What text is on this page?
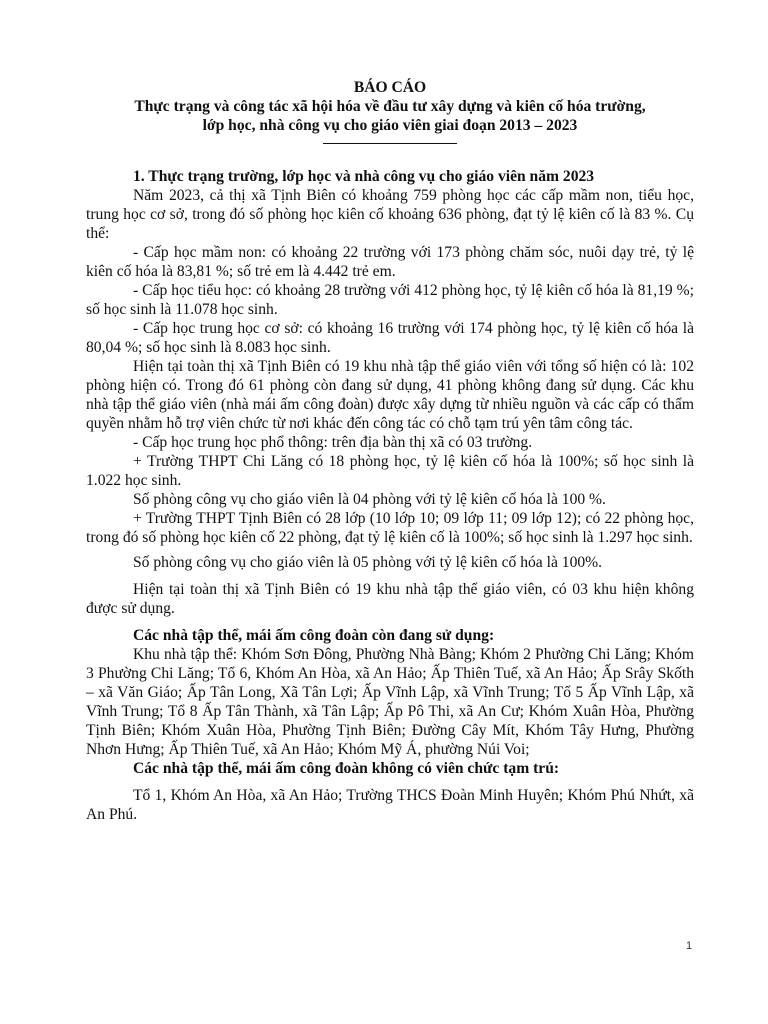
BÁO CÁO
Thực trạng và công tác xã hội hóa về đầu tư xây dựng và kiên cố hóa trường,
lớp học, nhà công vụ cho giáo viên giai đoạn 2013 – 2023
1. Thực trạng trường, lớp học và nhà công vụ cho giáo viên năm 2023

Năm 2023, cả thị xã Tịnh Biên có khoảng 759 phòng học các cấp mầm non, tiểu học, trung học cơ sở, trong đó số phòng học kiên cố khoảng 636 phòng, đạt tỷ lệ kiên cố là 83 %. Cụ thể:

- Cấp học mầm non: có khoảng 22 trường với 173 phòng chăm sóc, nuôi dạy trẻ, tỷ lệ kiên cố hóa là 83,81 %; số trẻ em là 4.442 trẻ em.

- Cấp học tiểu học: có khoảng 28 trường với 412 phòng học, tỷ lệ kiên cố hóa là 81,19 %; số học sinh là 11.078 học sinh.

- Cấp học trung học cơ sở: có khoảng 16 trường với 174 phòng học, tỷ lệ kiên cố hóa là 80,04 %; số học sinh là 8.083 học sinh.

Hiện tại toàn thị xã Tịnh Biên có 19 khu nhà tập thể giáo viên với tổng số hiện có là: 102 phòng hiện có. Trong đó 61 phòng còn đang sử dụng, 41 phòng không đang sử dụng. Các khu nhà tập thể giáo viên (nhà mái ấm công đoàn) được xây dựng từ nhiều nguồn và các cấp có thẩm quyền nhằm hỗ trợ viên chức từ nơi khác đến công tác có chỗ tạm trú yên tâm công tác.

- Cấp học trung học phổ thông: trên địa bàn thị xã có 03 trường.

+ Trường THPT Chi Lăng có 18 phòng học, tỷ lệ kiên cố hóa là 100%; số học sinh là 1.022 học sinh.

Số phòng công vụ cho giáo viên là 04 phòng với tỷ lệ kiên cố hóa là 100 %.

+ Trường THPT Tịnh Biên có 28 lớp (10 lớp 10; 09 lớp 11; 09 lớp 12); có 22 phòng học, trong đó số phòng học kiên cố 22 phòng, đạt tỷ lệ kiên cố là 100%; số học sinh là 1.297 học sinh.

Số phòng công vụ cho giáo viên là 05 phòng với tỷ lệ kiên cố hóa là 100%.

Hiện tại toàn thị xã Tịnh Biên có 19 khu nhà tập thể giáo viên, có 03 khu hiện không được sử dụng.

Các nhà tập thể, mái ấm công đoàn còn đang sử dụng:

Khu nhà tập thể: Khóm Sơn Đông, Phường Nhà Bàng; Khóm 2 Phường Chi Lăng; Khóm 3 Phường Chi Lăng; Tổ 6, Khóm An Hòa, xã An Hảo; Ấp Thiên Tuế, xã An Hảo; Ấp Srây Skốth – xã Văn Giáo; Ấp Tân Long, Xã Tân Lợi; Ấp Vĩnh Lập, xã Vĩnh Trung; Tổ 5 Ấp Vĩnh Lập, xã Vĩnh Trung; Tổ 8 Ấp Tân Thành, xã Tân Lập; Ấp Pô Thi, xã An Cư; Khóm Xuân Hòa, Phường Tịnh Biên; Khóm Xuân Hòa, Phường Tịnh Biên; Đường Cây Mít, Khóm Tây Hưng, Phường Nhơn Hưng; Ấp Thiên Tuế, xã An Hảo; Khóm Mỹ Á, phường Núi Voi;

Các nhà tập thể, mái ấm công đoàn không có viên chức tạm trú:

Tổ 1, Khóm An Hòa, xã An Hảo; Trường THCS Đoàn Minh Huyên; Khóm Phú Nhứt, xã An Phú.

1
